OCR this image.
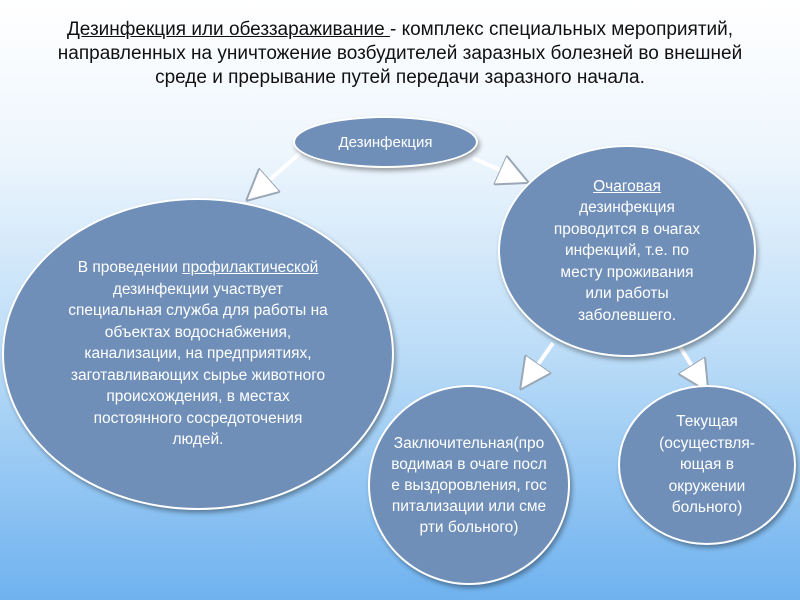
Дезинфекция или обеззараживание - комплекс специальных мероприятий, направленных на уничтожение возбудителей заразных болезней во внешней среде и прерывание путей передачи заразного начала.
Дезинфекция
В проведении профилактической дезинфекции участвует специальная служба для работы на объектах водоснабжения, канализации, на предприятиях, заготавливающих сырье животного происхождения, в местах постоянного сосредоточения людей.
Очаговая дезинфекция проводится в очагах инфекций, т.е. по месту проживания или работы заболевшего.
Заключительная(проводимая в очаге после выздоровления, госпитализации или смерти больного)
Текущая (осуществля-ющая в окружении больного)
